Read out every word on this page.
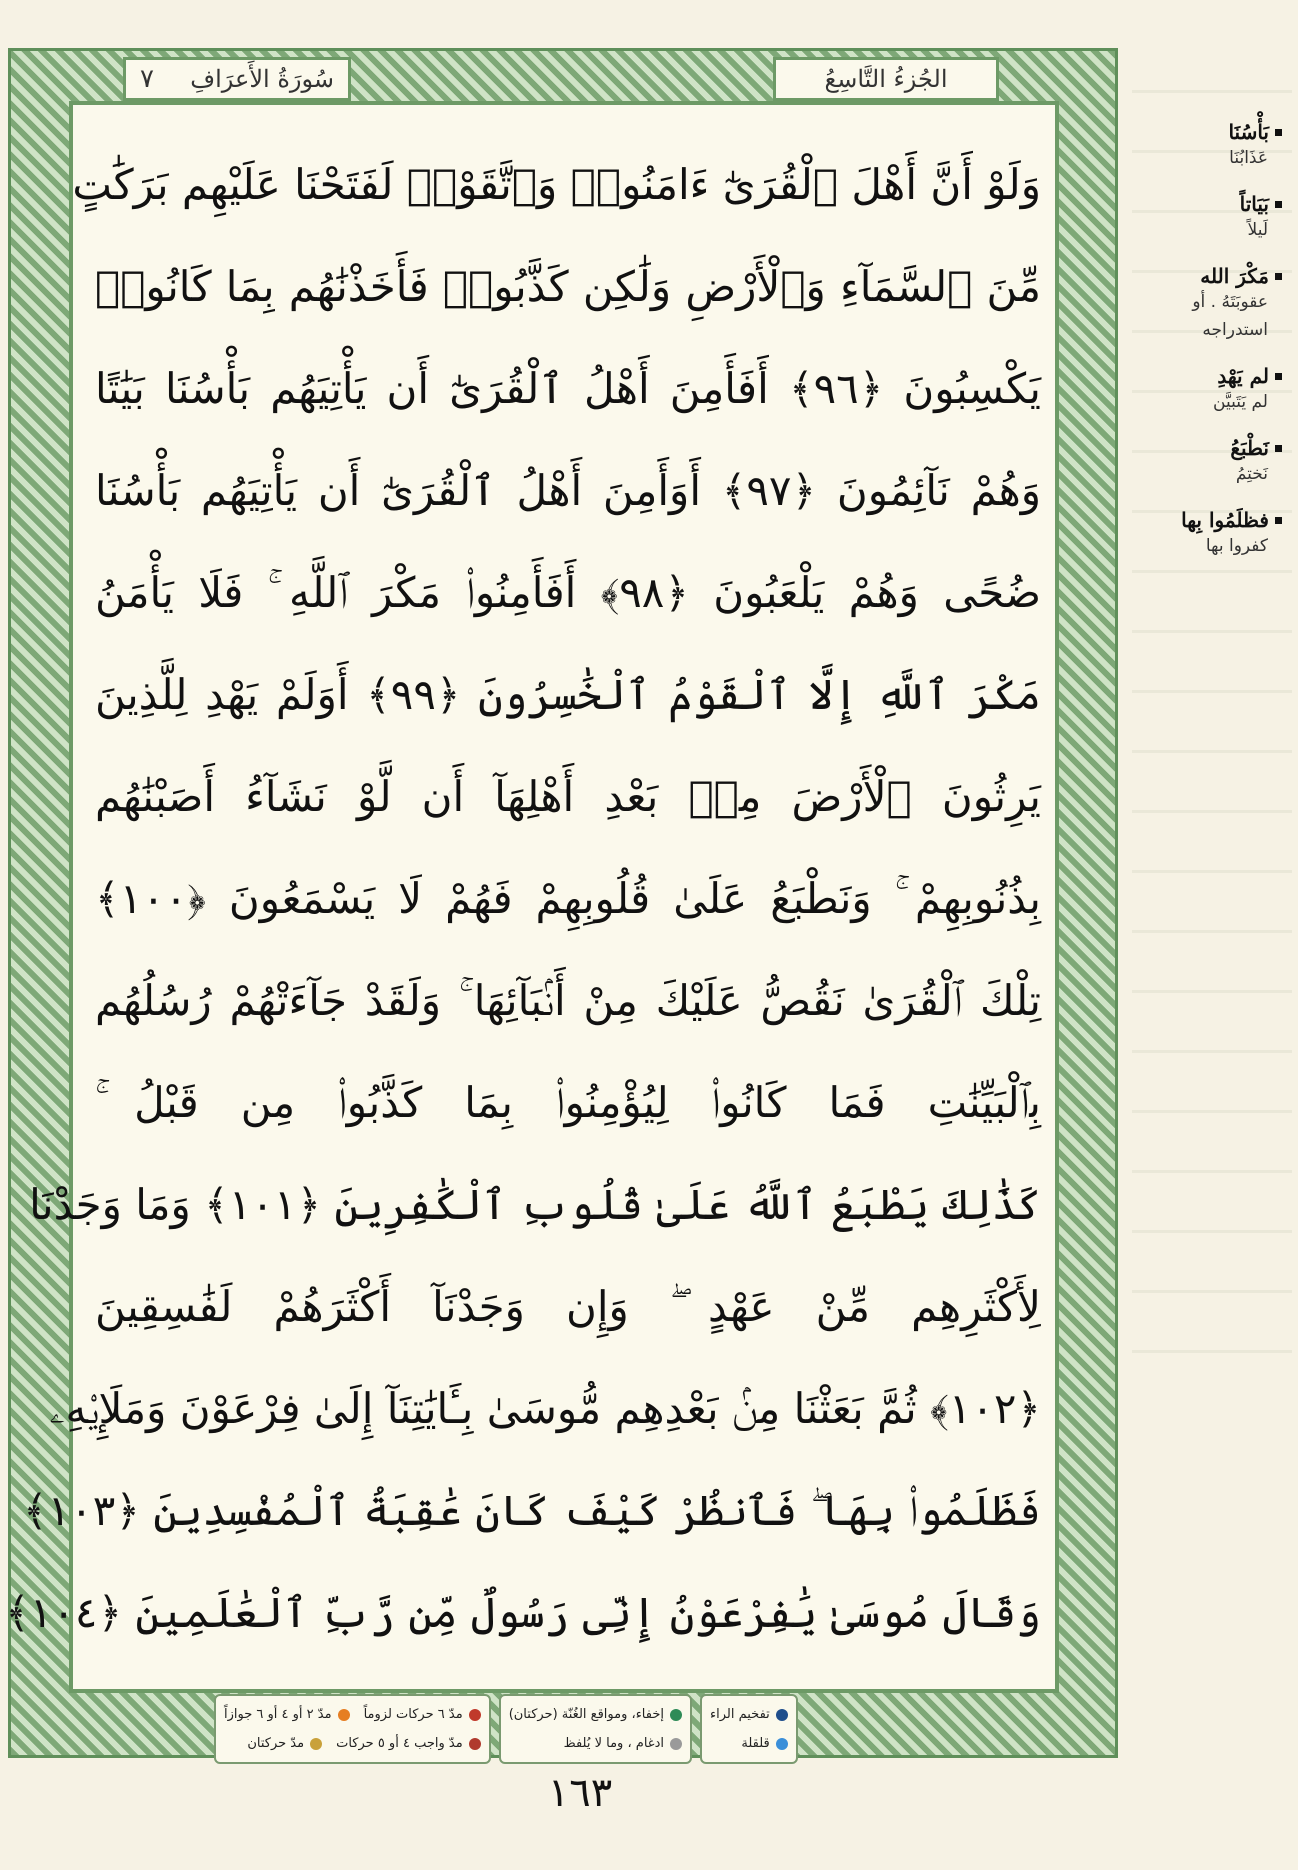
٧ سُورَةُ الأَعرَافِ	الجُزءُ التَّاسِعُ
وَلَوْ أَنَّ أَهْلَ ٱلْقُرَىٰٓ ءَامَنُوا۟ وَٱتَّقَوْا۟ لَفَتَحْنَا عَلَيْهِم بَرَكَٰتٍ
مِّنَ ٱلسَّمَآءِ وَٱلْأَرْضِ وَلَٰكِن كَذَّبُوا۟ فَأَخَذْنَٰهُم بِمَا كَانُوا۟
يَكْسِبُونَ ﴿٩٦﴾ أَفَأَمِنَ أَهْلُ ٱلْقُرَىٰٓ أَن يَأْتِيَهُم بَأْسُنَا بَيَٰتًا
وَهُمْ نَآئِمُونَ ﴿٩٧﴾ أَوَأَمِنَ أَهْلُ ٱلْقُرَىٰٓ أَن يَأْتِيَهُم بَأْسُنَا
ضُحًى وَهُمْ يَلْعَبُونَ ﴿٩٨﴾ أَفَأَمِنُوا۟ مَكْرَ ٱللَّهِ ۚ فَلَا يَأْمَنُ
مَكْرَ ٱللَّهِ إِلَّا ٱلْقَوْمُ ٱلْخَٰسِرُونَ ﴿٩٩﴾ أَوَلَمْ يَهْدِ لِلَّذِينَ
يَرِثُونَ ٱلْأَرْضَ مِنۢ بَعْدِ أَهْلِهَآ أَن لَّوْ نَشَآءُ أَصَبْنَٰهُم
بِذُنُوبِهِمْ ۚ وَنَطْبَعُ عَلَىٰ قُلُوبِهِمْ فَهُمْ لَا يَسْمَعُونَ ﴿١٠٠﴾
تِلْكَ ٱلْقُرَىٰ نَقُصُّ عَلَيْكَ مِنْ أَنۢبَآئِهَا ۚ وَلَقَدْ جَآءَتْهُمْ رُسُلُهُم
بِٱلْبَيِّنَٰتِ فَمَا كَانُوا۟ لِيُؤْمِنُوا۟ بِمَا كَذَّبُوا۟ مِن قَبْلُ ۚ
كَذَٰلِكَ يَطْبَعُ ٱللَّهُ عَلَىٰ قُلُوبِ ٱلْكَٰفِرِينَ ﴿١٠١﴾ وَمَا وَجَدْنَا
لِأَكْثَرِهِم مِّنْ عَهْدٍ ۖ وَإِن وَجَدْنَآ أَكْثَرَهُمْ لَفَٰسِقِينَ
﴿١٠٢﴾ ثُمَّ بَعَثْنَا مِنۢ بَعْدِهِم مُّوسَىٰ بِـَٔايَٰتِنَآ إِلَىٰ فِرْعَوْنَ وَمَلَإِي۟هِۦ
فَظَلَمُوا۟ بِهَا ۖ فَٱنظُرْ كَيْفَ كَانَ عَٰقِبَةُ ٱلْمُفْسِدِينَ ﴿١٠٣﴾
وَقَالَ مُوسَىٰ يَٰفِرْعَوْنُ إِنِّى رَسُولٌ مِّن رَّبِّ ٱلْعَٰلَمِينَ ﴿١٠٤﴾
بَأْسُنَا
عَذَابُنَا
بَيَاتاً
لَيلاً
مَكْرَ الله
عقوبَتَهُ . أو استدراجه
لم يَهْدِ
لم يَتَبيَّن
نَطْبَعُ
نَختِمُ
فظلَمُوا بِها
كفروا بها
مدّ ٦ حركات لزوماً
مدّ ٢ أو ٤ أو ٦ جوازاً
مدّ واجب ٤ أو ٥ حركات
مدّ حركتان
إخفاء، ومواقع الغُنّة (حركتان)
ادغام ، وما لا يُلفظ
تفخيم الراء
قلقلة
١٦٣
